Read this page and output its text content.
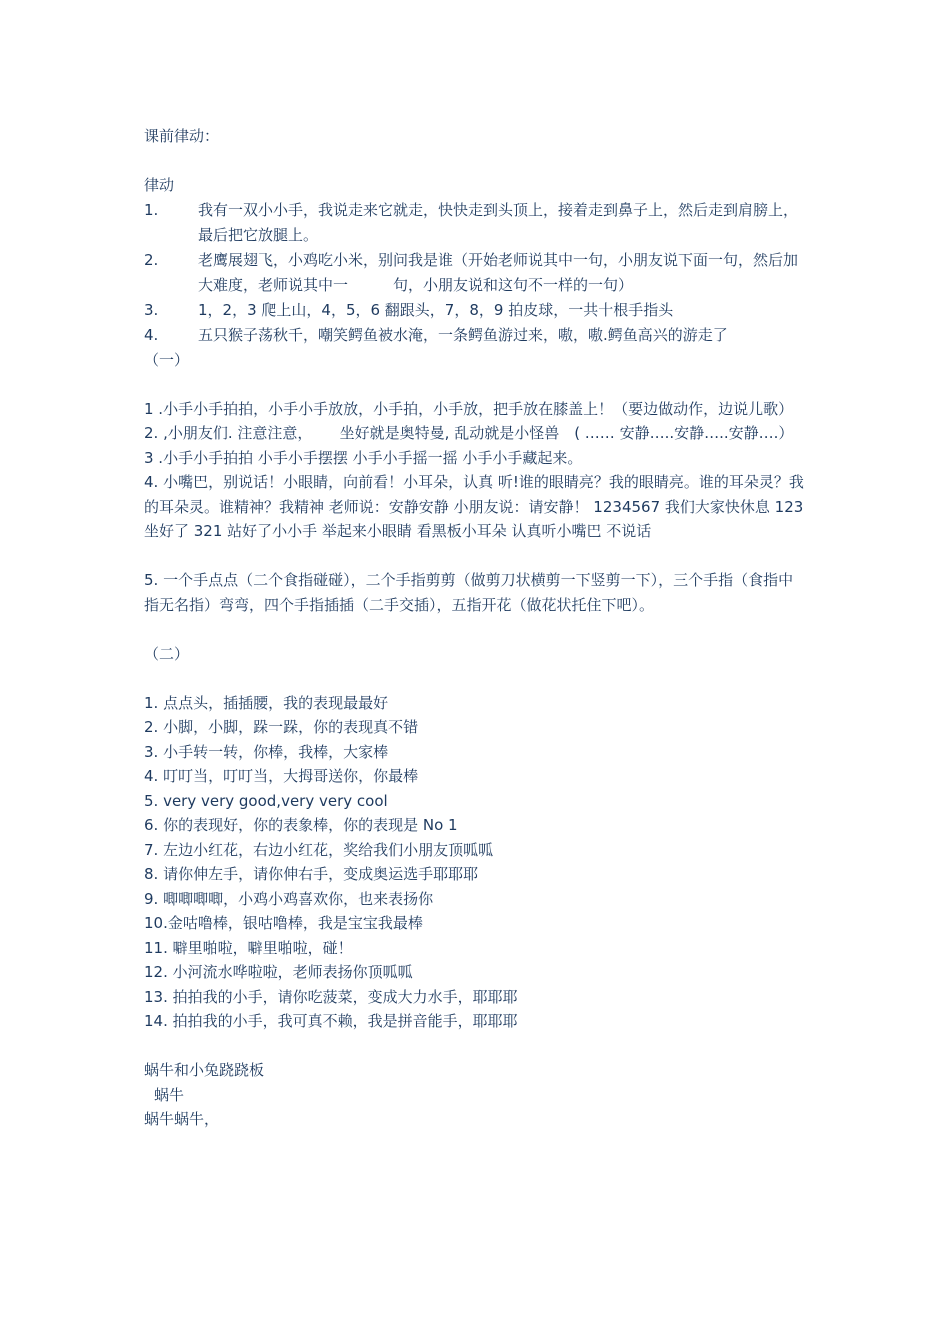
课前律动：

律动

1.	我有一双小小手，我说走来它就走，快快走到头顶上，接着走到鼻子上，然后走到肩膀上，最后把它放腿上。
2.	老鹰展翅飞，小鸡吃小米，别问我是谁（开始老师说其中一句，小朋友说下面一句，然后加大难度，老师说其中一　　　句，小朋友说和这句不一样的一句）
3.	1，2，3 爬上山，4，5，6 翻跟头，7，8，9 拍皮球，一共十根手指头
4.	五只猴子荡秋千，嘲笑鳄鱼被水淹，一条鳄鱼游过来，嗷，嗷.鳄鱼高兴的游走了

（一）

1 .小手小手拍拍，小手小手放放，小手拍，小手放，把手放在膝盖上！（要边做动作，边说儿歌）

2. ,小朋友们. 注意注意，　　 坐好就是奥特曼, 乱动就是小怪兽　( …… 安静…..安静…..安静….）

3 .小手小手拍拍 小手小手摆摆 小手小手摇一摇 小手小手藏起来。

4. 小嘴巴，别说话！小眼睛，向前看！小耳朵，认真 听!谁的眼睛亮？我的眼睛亮。谁的耳朵灵？我的耳朵灵。谁精神？我精神 老师说：安静安静 小朋友说：请安静！ 1234567 我们大家快休息 123 坐好了 321 站好了小小手 举起来小眼睛 看黑板小耳朵 认真听小嘴巴 不说话

5. 一个手点点（二个食指碰碰），二个手指剪剪（做剪刀状横剪一下竖剪一下），三个手指（食指中指无名指）弯弯，四个手指插插（二手交插），五指开花（做花状托住下吧）。

（二）

1. 点点头，插插腰，我的表现最最好

2. 小脚，小脚，跺一跺，你的表现真不错

3. 小手转一转，你棒，我棒，大家棒

4. 叮叮当，叮叮当，大拇哥送你，你最棒

5. very very good,very very cool

6. 你的表现好，你的表象棒，你的表现是 No 1

7. 左边小红花，右边小红花，奖给我们小朋友顶呱呱

8. 请你伸左手，请你伸右手，变成奥运选手耶耶耶

9. 唧唧唧唧，小鸡小鸡喜欢你，也来表扬你

10.金咕噜棒，银咕噜棒，我是宝宝我最棒

11. 噼里啪啦，噼里啪啦，碰！

12. 小河流水哗啦啦，老师表扬你顶呱呱

13. 拍拍我的小手，请你吃菠菜，变成大力水手，耶耶耶

14. 拍拍我的小手，我可真不赖，我是拼音能手，耶耶耶

蜗牛和小兔跷跷板

蜗牛

蜗牛蜗牛，
